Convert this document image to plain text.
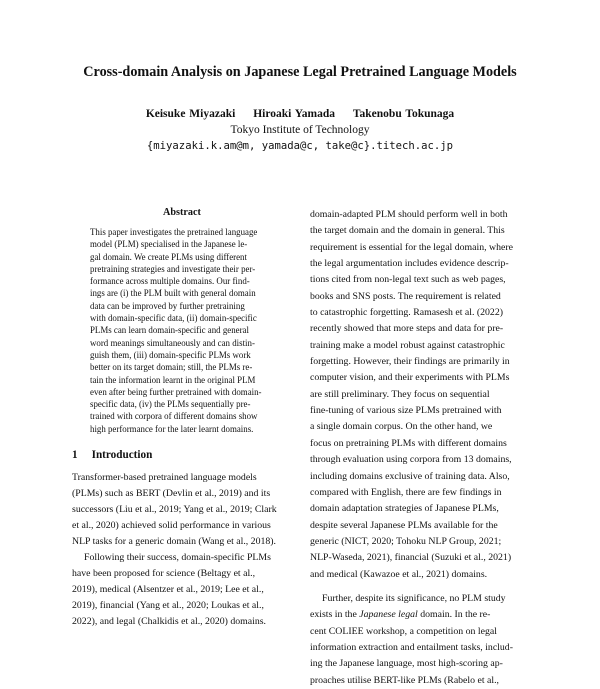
Cross-domain Analysis on Japanese Legal Pretrained Language Models
Keisuke Miyazaki Hiroaki Yamada Takenobu Tokunaga
Tokyo Institute of Technology
{miyazaki.k.am@m, yamada@c, take@c}.titech.ac.jp
Abstract
This paper investigates the pretrained language
model (PLM) specialised in the Japanese le-
gal domain. We create PLMs using different
pretraining strategies and investigate their per-
formance across multiple domains. Our find-
ings are (i) the PLM built with general domain
data can be improved by further pretraining
with domain-specific data, (ii) domain-specific
PLMs can learn domain-specific and general
word meanings simultaneously and can distin-
guish them, (iii) domain-specific PLMs work
better on its target domain; still, the PLMs re-
tain the information learnt in the original PLM
even after being further pretrained with domain-
specific data, (iv) the PLMs sequentially pre-
trained with corpora of different domains show
high performance for the later learnt domains.
1 Introduction
Transformer-based pretrained language models
(PLMs) such as BERT (Devlin et al., 2019) and its
successors (Liu et al., 2019; Yang et al., 2019; Clark
et al., 2020) achieved solid performance in various
NLP tasks for a generic domain (Wang et al., 2018).
Following their success, domain-specific PLMs
have been proposed for science (Beltagy et al.,
2019), medical (Alsentzer et al., 2019; Lee et al.,
2019), financial (Yang et al., 2020; Loukas et al.,
2022), and legal (Chalkidis et al., 2020) domains.
domain-adapted PLM should perform well in both
the target domain and the domain in general. This
requirement is essential for the legal domain, where
the legal argumentation includes evidence descrip-
tions cited from non-legal text such as web pages,
books and SNS posts. The requirement is related
to catastrophic forgetting. Ramasesh et al. (2022)
recently showed that more steps and data for pre-
training make a model robust against catastrophic
forgetting. However, their findings are primarily in
computer vision, and their experiments with PLMs
are still preliminary. They focus on sequential
fine-tuning of various size PLMs pretrained with
a single domain corpus. On the other hand, we
focus on pretraining PLMs with different domains
through evaluation using corpora from 13 domains,
including domains exclusive of training data. Also,
compared with English, there are few findings in
domain adaptation strategies of Japanese PLMs,
despite several Japanese PLMs available for the
generic (NICT, 2020; Tohoku NLP Group, 2021;
NLP-Waseda, 2021), financial (Suzuki et al., 2021)
and medical (Kawazoe et al., 2021) domains.
Further, despite its significance, no PLM study
exists in the Japanese legal domain. In the re-
cent COLIEE workshop, a competition on legal
information extraction and entailment tasks, includ-
ing the Japanese language, most high-scoring ap-
proaches utilise BERT-like PLMs (Rabelo et al.,
